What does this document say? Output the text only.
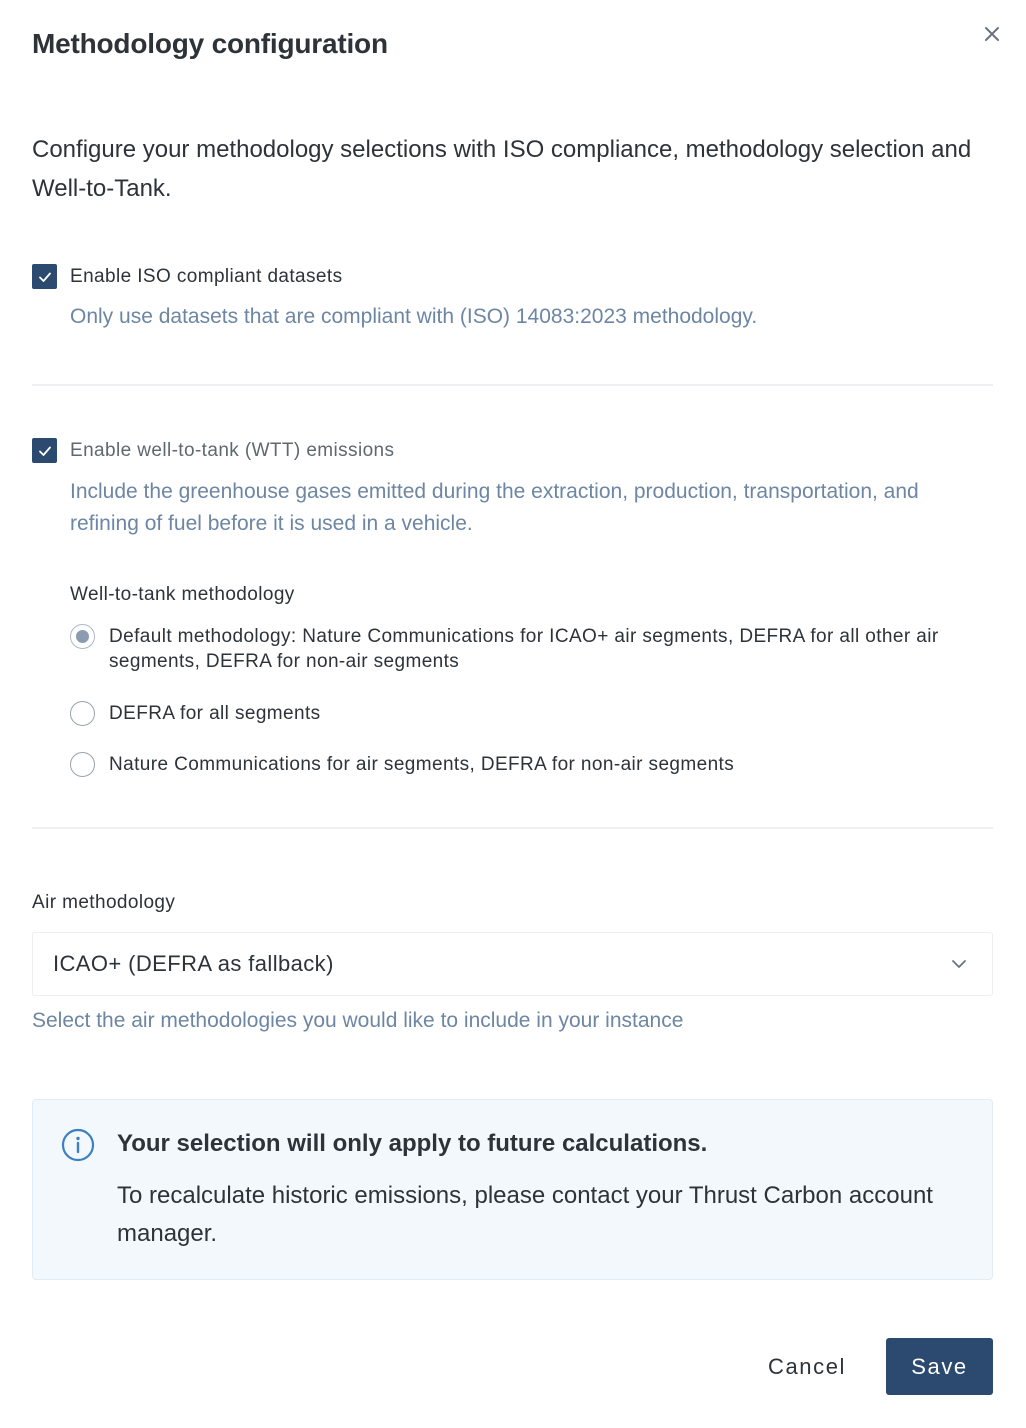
Methodology configuration

Configure your methodology selections with ISO compliance, methodology selection and Well-to-Tank.

Enable ISO compliant datasets

Only use datasets that are compliant with (ISO) 14083:2023 methodology.

Enable well-to-tank (WTT) emissions

Include the greenhouse gases emitted during the extraction, production, transportation, and refining of fuel before it is used in a vehicle.

Well-to-tank methodology
Default methodology: Nature Communications for ICAO+ air segments, DEFRA for all other air segments, DEFRA for non-air segments
DEFRA for all segments
Nature Communications for air segments, DEFRA for non-air segments
Air methodology
ICAO+ (DEFRA as fallback)

Select the air methodologies you would like to include in your instance

Your selection will only apply to future calculations.

To recalculate historic emissions, please contact your Thrust Carbon account manager.

Cancel	Save
